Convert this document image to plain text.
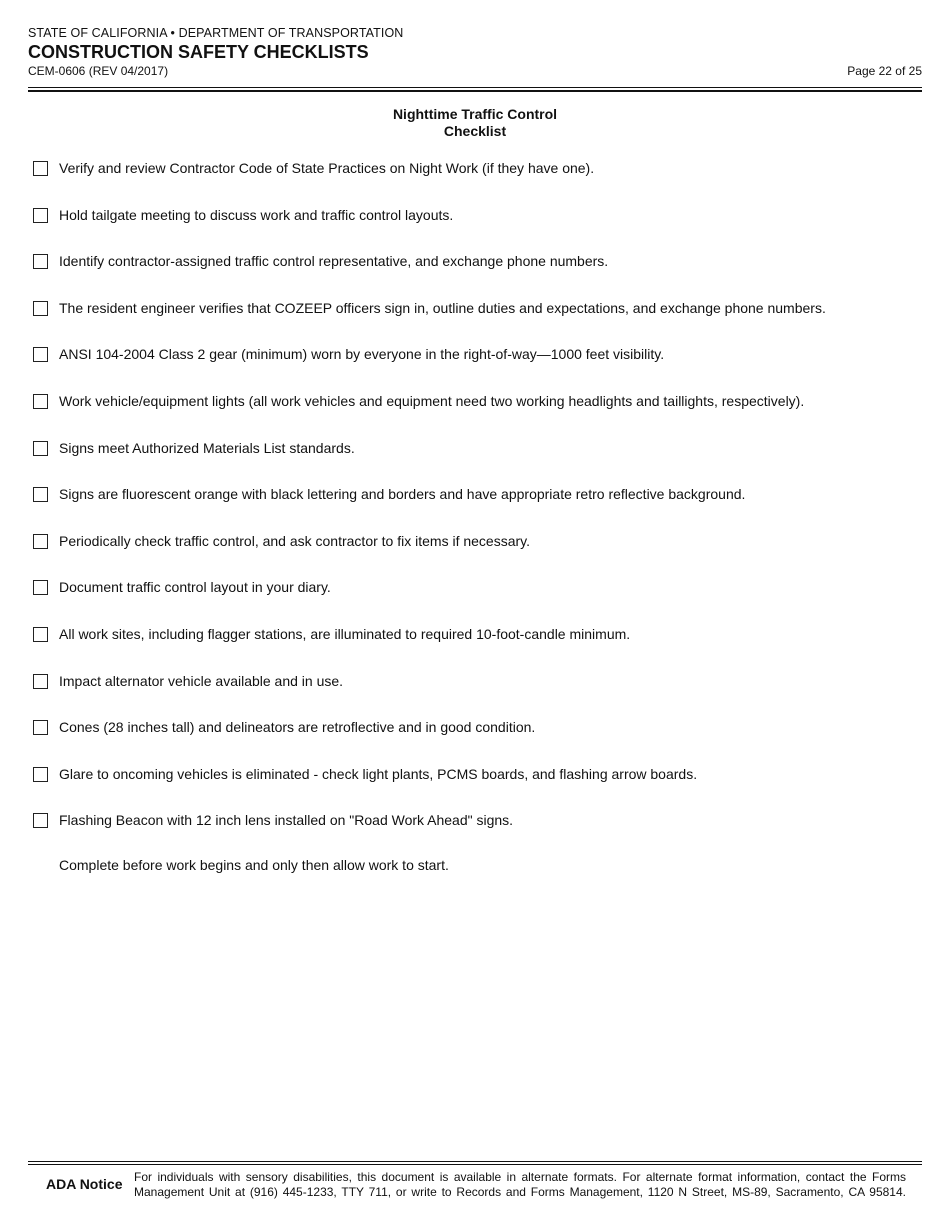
STATE OF CALIFORNIA • DEPARTMENT OF TRANSPORTATION
CONSTRUCTION SAFETY CHECKLISTS
CEM-0606 (REV 04/2017)	Page 22 of 25
Nighttime Traffic Control
Checklist
Verify and review Contractor Code of State Practices on Night Work (if they have one).
Hold tailgate meeting to discuss work and traffic control layouts.
Identify contractor-assigned traffic control representative, and exchange phone numbers.
The resident engineer verifies that COZEEP officers sign in, outline duties and expectations, and exchange phone numbers.
ANSI 104-2004 Class 2 gear (minimum) worn by everyone in the right-of-way—1000 feet visibility.
Work vehicle/equipment lights (all work vehicles and equipment need two working headlights and taillights, respectively).
Signs meet Authorized Materials List standards.
Signs are fluorescent orange with black lettering and borders and have appropriate retro reflective background.
Periodically check traffic control, and ask contractor to fix items if necessary.
Document traffic control layout in your diary.
All work sites, including flagger stations, are illuminated to required 10-foot-candle minimum.
Impact alternator vehicle available and in use.
Cones (28 inches tall) and delineators are retroflective and in good condition.
Glare to oncoming vehicles is eliminated - check light plants, PCMS boards, and flashing arrow boards.
Flashing Beacon with 12 inch lens installed on "Road Work Ahead" signs.
Complete before work begins and only then allow work to start.
ADA Notice For individuals with sensory disabilities, this document is available in alternate formats. For alternate format information, contact the Forms
Management Unit at (916) 445-1233, TTY 711, or write to Records and Forms Management, 1120 N Street, MS-89, Sacramento, CA 95814.
